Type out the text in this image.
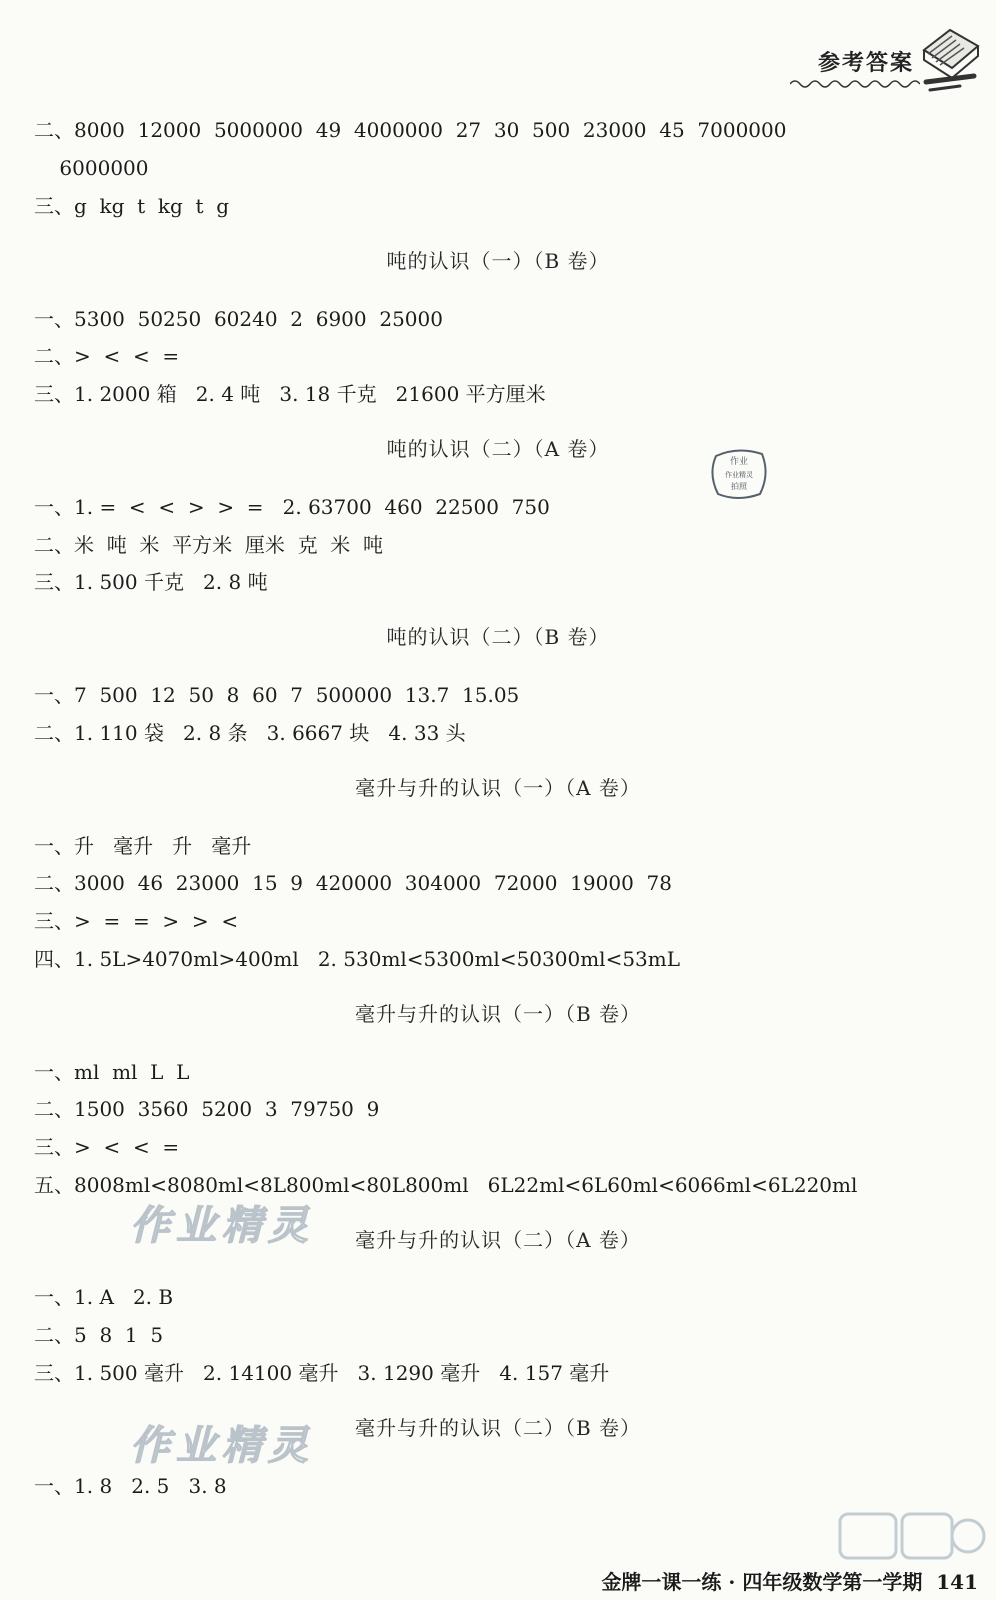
参考答案
二、8000  12000  5000000  49  4000000  27  30  500  23000  45  7000000
6000000
三、g  kg  t  kg  t  g
吨的认识（一）（B 卷）
一、5300  50250  60240  2  6900  25000
二、>  <  <  =
三、1. 2000 箱   2. 4 吨   3. 18 千克   21600 平方厘米
吨的认识（二）（A 卷）
一、1. =  <  <  >  >  =   2. 63700  460  22500  750
二、米  吨  米  平方米  厘米  克  米  吨
三、1. 500 千克   2. 8 吨
吨的认识（二）（B 卷）
一、7  500  12  50  8  60  7  500000  13.7  15.05
二、1. 110 袋   2. 8 条   3. 6667 块   4. 33 头
毫升与升的认识（一）（A 卷）
一、升   毫升   升   毫升
二、3000  46  23000  15  9  420000  304000  72000  19000  78
三、>  =  =  >  >  <
四、1. 5L>4070ml>400ml   2. 530ml<5300ml<50300ml<53mL
毫升与升的认识（一）（B 卷）
一、ml  ml  L  L
二、1500  3560  5200  3  79750  9
三、>  <  <  =
五、8008ml<8080ml<8L800ml<80L800ml   6L22ml<6L60ml<6066ml<6L220ml
毫升与升的认识（二）（A 卷）
一、1. A   2. B
二、5  8  1  5
三、1. 500 毫升   2. 14100 毫升   3. 1290 毫升   4. 157 毫升
毫升与升的认识（二）（B 卷）
一、1. 8   2. 5   3. 8
作业
作业精灵
拍照
作业精灵
作业精灵
金牌一课一练 · 四年级数学第一学期  141
